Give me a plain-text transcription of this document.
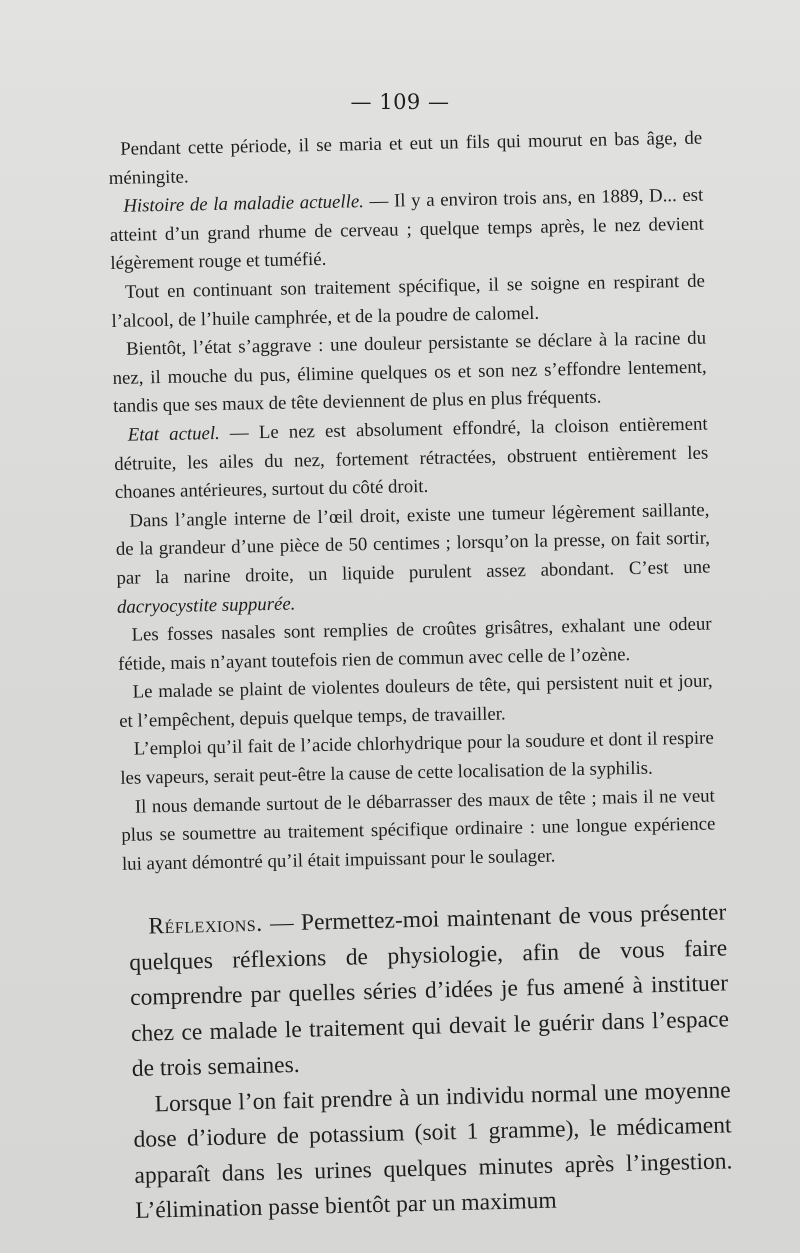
— 109 —

Pendant cette période, il se maria et eut un fils qui mourut en bas âge, de méningite.

Histoire de la maladie actuelle. — Il y a environ trois ans, en 1889, D... est atteint d’un grand rhume de cerveau ; quelque temps après, le nez devient légèrement rouge et tuméfié.

Tout en continuant son traitement spécifique, il se soigne en respirant de l’alcool, de l’huile camphrée, et de la poudre de calomel.

Bientôt, l’état s’aggrave : une douleur persistante se déclare à la racine du nez, il mouche du pus, élimine quelques os et son nez s’effondre lentement, tandis que ses maux de tête deviennent de plus en plus fréquents.

Etat actuel. — Le nez est absolument effondré, la cloison entièrement détruite, les ailes du nez, fortement rétractées, obstruent entièrement les choanes antérieures, surtout du côté droit.

Dans l’angle interne de l’œil droit, existe une tumeur légèrement saillante, de la grandeur d’une pièce de 50 centimes ; lorsqu’on la presse, on fait sortir, par la narine droite, un liquide purulent assez abondant. C’est une dacryocystite suppurée.

Les fosses nasales sont remplies de croûtes grisâtres, exhalant une odeur fétide, mais n’ayant toutefois rien de commun avec celle de l’ozène.

Le malade se plaint de violentes douleurs de tête, qui persistent nuit et jour, et l’empêchent, depuis quelque temps, de travailler.

L’emploi qu’il fait de l’acide chlorhydrique pour la soudure et dont il respire les vapeurs, serait peut-être la cause de cette localisation de la syphilis.

Il nous demande surtout de le débarrasser des maux de tête ; mais il ne veut plus se soumettre au traitement spécifique ordinaire : une longue expérience lui ayant démontré qu’il était impuissant pour le soulager.

Réflexions. — Permettez-moi maintenant de vous présenter quelques réflexions de physiologie, afin de vous faire comprendre par quelles séries d’idées je fus amené à instituer chez ce malade le traitement qui devait le guérir dans l’espace de trois semaines.

Lorsque l’on fait prendre à un individu normal une moyenne dose d’iodure de potassium (soit 1 gramme), le médicament apparaît dans les urines quelques minutes après l’ingestion. L’élimination passe bientôt par un maximum
